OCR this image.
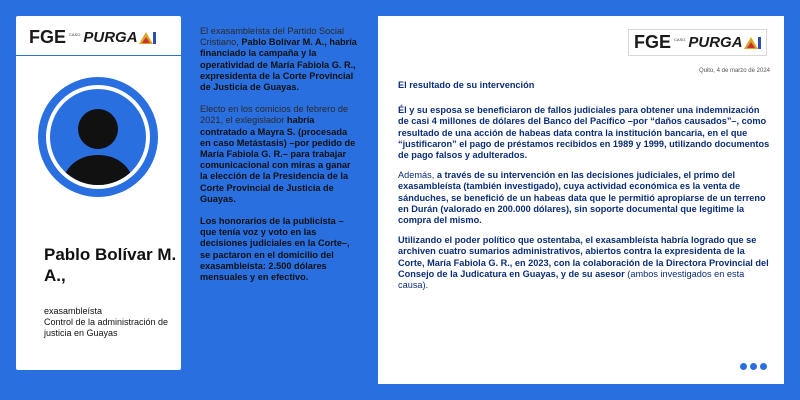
FGE CASO PURGA
Pablo Bolívar M. A.,
exasambleísta
Control de la administración de justicia en Guayas

El exasambleísta del Partido Social Cristiano, Pablo Bolívar M. A., habría financiado la campaña y la operatividad de María Fabiola G. R., expresidenta de la Corte Provincial de Justicia de Guayas.

Electo en los comicios de febrero de 2021, el exlegislador habría contratado a Mayra S. (procesada en caso Metástasis) –por pedido de María Fabiola G. R.– para trabajar comunicacional con miras a ganar la elección de la Presidencia de la Corte Provincial de Justicia de Guayas.

Los honorarios de la publicista –que tenía voz y voto en las decisiones judiciales en la Corte–, se pactaron en el domicilio del exasambleísta: 2.500 dólares mensuales y en efectivo.

FGE CASO PURGA
Quito, 4 de marzo de 2024

El resultado de su intervención

Él y su esposa se beneficiaron de fallos judiciales para obtener una indemnización de casi 4 millones de dólares del Banco del Pacífico –por “daños causados”–, como resultado de una acción de habeas data contra la institución bancaria, en el que “justificaron” el pago de préstamos recibidos en 1989 y 1999, utilizando documentos de pago falsos y adulterados.

Además, a través de su intervención en las decisiones judiciales, el primo del exasambleísta (también investigado), cuya actividad económica es la venta de sánduches, se benefició de un habeas data que le permitió apropiarse de un terreno en Durán (valorado en 200.000 dólares), sin soporte documental que legitime la compra del mismo.

Utilizando el poder político que ostentaba, el exasambleísta habría logrado que se archiven cuatro sumarios administrativos, abiertos contra la expresidenta de la Corte, María Fabiola G. R., en 2023, con la colaboración de la Directora Provincial del Consejo de la Judicatura en Guayas, y de su asesor (ambos investigados en esta causa).
